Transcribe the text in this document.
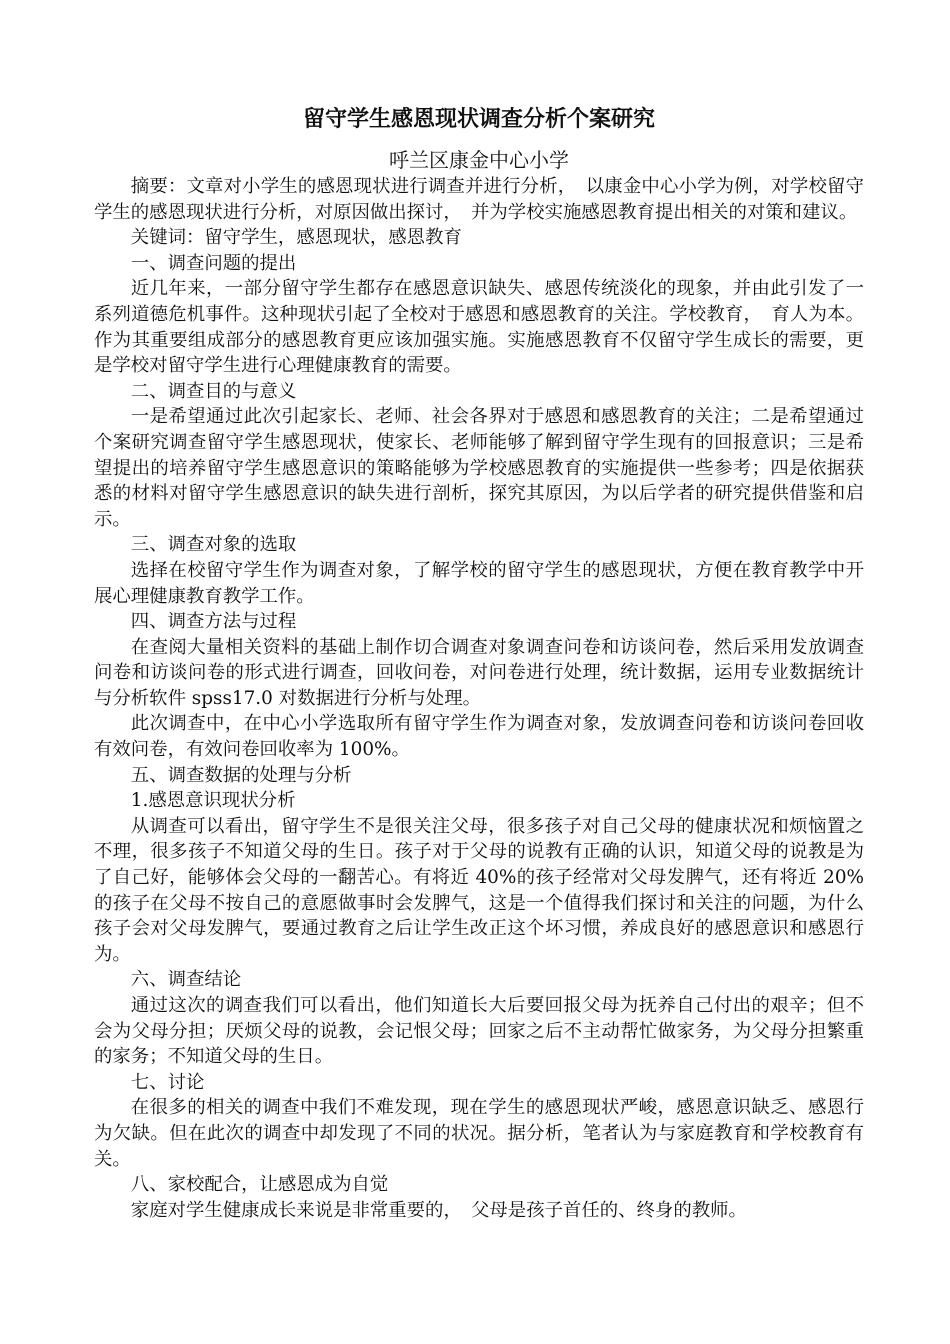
留守学生感恩现状调查分析个案研究

呼兰区康金中心小学

摘要：文章对小学生的感恩现状进行调查并进行分析，　以康金中心小学为例，对学校留守学生的感恩现状进行分析，对原因做出探讨，　并为学校实施感恩教育提出相关的对策和建议。

关键词：留守学生，感恩现状，感恩教育

一、调查问题的提出

近几年来，一部分留守学生都存在感恩意识缺失、感恩传统淡化的现象，并由此引发了一系列道德危机事件。这种现状引起了全校对于感恩和感恩教育的关注。学校教育，　育人为本。作为其重要组成部分的感恩教育更应该加强实施。实施感恩教育不仅留守学生成长的需要，更是学校对留守学生进行心理健康教育的需要。

二、调查目的与意义

一是希望通过此次引起家长、老师、社会各界对于感恩和感恩教育的关注；二是希望通过个案研究调查留守学生感恩现状，使家长、老师能够了解到留守学生现有的回报意识；三是希望提出的培养留守学生感恩意识的策略能够为学校感恩教育的实施提供一些参考；四是依据获悉的材料对留守学生感恩意识的缺失进行剖析，探究其原因，为以后学者的研究提供借鉴和启示。

三、调查对象的选取

选择在校留守学生作为调查对象，了解学校的留守学生的感恩现状，方便在教育教学中开展心理健康教育教学工作。

四、调查方法与过程

在查阅大量相关资料的基础上制作切合调查对象调查问卷和访谈问卷，然后采用发放调查问卷和访谈问卷的形式进行调查，回收问卷，对问卷进行处理，统计数据，运用专业数据统计与分析软件 spss17.0 对数据进行分析与处理。

此次调查中，在中心小学选取所有留守学生作为调查对象，发放调查问卷和访谈问卷回收有效问卷，有效问卷回收率为 100%。

五、调查数据的处理与分析

1.感恩意识现状分析

从调查可以看出，留守学生不是很关注父母，很多孩子对自己父母的健康状况和烦恼置之不理，很多孩子不知道父母的生日。孩子对于父母的说教有正确的认识，知道父母的说教是为了自己好，能够体会父母的一翻苦心。有将近 40%的孩子经常对父母发脾气，还有将近 20%的孩子在父母不按自己的意愿做事时会发脾气，这是一个值得我们探讨和关注的问题，为什么孩子会对父母发脾气，要通过教育之后让学生改正这个坏习惯，养成良好的感恩意识和感恩行为。

六、调查结论

通过这次的调查我们可以看出，他们知道长大后要回报父母为抚养自己付出的艰辛；但不会为父母分担；厌烦父母的说教，会记恨父母；回家之后不主动帮忙做家务，为父母分担繁重的家务；不知道父母的生日。

七、讨论

在很多的相关的调查中我们不难发现，现在学生的感恩现状严峻，感恩意识缺乏、感恩行为欠缺。但在此次的调查中却发现了不同的状况。据分析，笔者认为与家庭教育和学校教育有关。

八、家校配合，让感恩成为自觉

家庭对学生健康成长来说是非常重要的，　父母是孩子首任的、终身的教师。
